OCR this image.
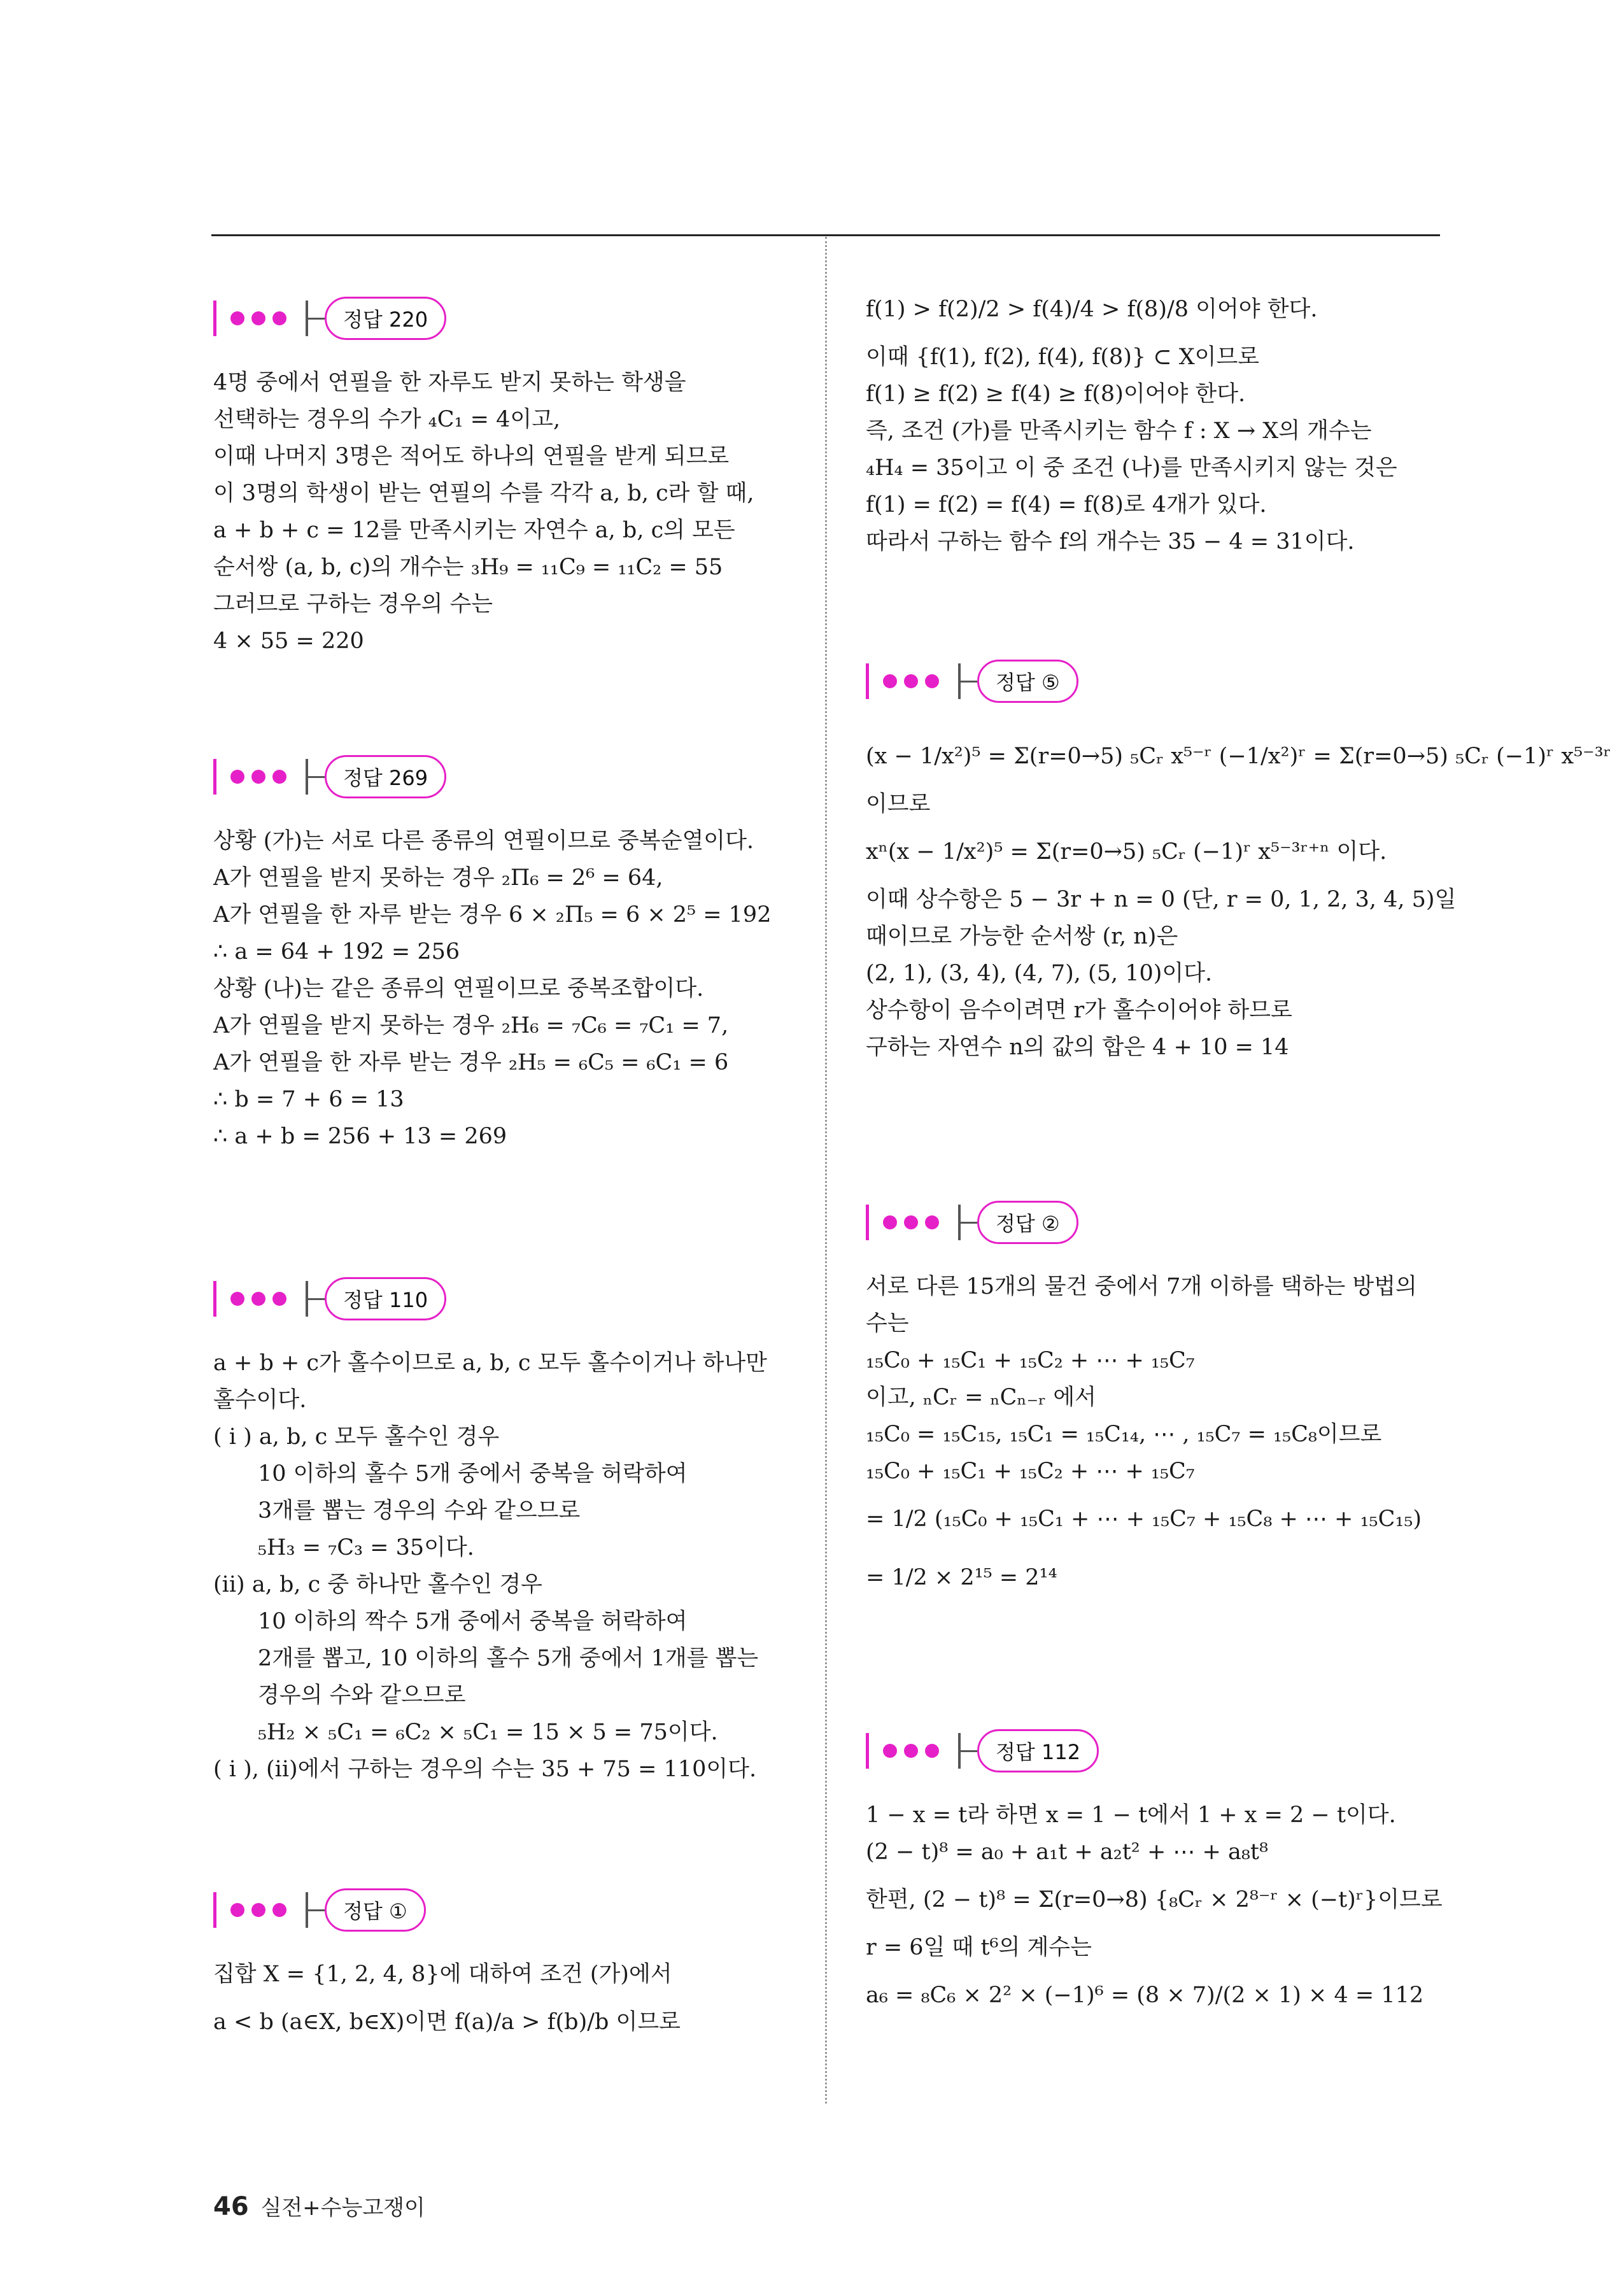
정답 220
4명 중에서 연필을 한 자루도 받지 못하는 학생을
선택하는 경우의 수가 ₄C₁ = 4이고,
이때 나머지 3명은 적어도 하나의 연필을 받게 되므로
이 3명의 학생이 받는 연필의 수를 각각 a, b, c라 할 때,
a + b + c = 12를 만족시키는 자연수 a, b, c의 모든
순서쌍 (a, b, c)의 개수는 ₃H₉ = ₁₁C₉ = ₁₁C₂ = 55
그러므로 구하는 경우의 수는
4 × 55 = 220
정답 269
상황 (가)는 서로 다른 종류의 연필이므로 중복순열이다.
A가 연필을 받지 못하는 경우 ₂Π₆ = 2⁶ = 64,
A가 연필을 한 자루 받는 경우 6 × ₂Π₅ = 6 × 2⁵ = 192
∴ a = 64 + 192 = 256
상황 (나)는 같은 종류의 연필이므로 중복조합이다.
A가 연필을 받지 못하는 경우 ₂H₆ = ₇C₆ = ₇C₁ = 7,
A가 연필을 한 자루 받는 경우 ₂H₅ = ₆C₅ = ₆C₁ = 6
∴ b = 7 + 6 = 13
∴ a + b = 256 + 13 = 269
정답 110
a + b + c가 홀수이므로 a, b, c 모두 홀수이거나 하나만
홀수이다.
( i ) a, b, c 모두 홀수인 경우
10 이하의 홀수 5개 중에서 중복을 허락하여
3개를 뽑는 경우의 수와 같으므로
₅H₃ = ₇C₃ = 35이다.
(ii) a, b, c 중 하나만 홀수인 경우
10 이하의 짝수 5개 중에서 중복을 허락하여
2개를 뽑고, 10 이하의 홀수 5개 중에서 1개를 뽑는
경우의 수와 같으므로
₅H₂ × ₅C₁ = ₆C₂ × ₅C₁ = 15 × 5 = 75이다.
( i ), (ii)에서 구하는 경우의 수는 35 + 75 = 110이다.
정답 ①
집합 X = {1, 2, 4, 8}에 대하여 조건 (가)에서
a < b (a∈X, b∈X)이면 f(a)/a > f(b)/b 이므로
f(1) > f(2)/2 > f(4)/4 > f(8)/8 이어야 한다.
이때 {f(1), f(2), f(4), f(8)} ⊂ X이므로
f(1) ≥ f(2) ≥ f(4) ≥ f(8)이어야 한다.
즉, 조건 (가)를 만족시키는 함수 f : X → X의 개수는
₄H₄ = 35이고 이 중 조건 (나)를 만족시키지 않는 것은
f(1) = f(2) = f(4) = f(8)로 4개가 있다.
따라서 구하는 함수 f의 개수는 35 − 4 = 31이다.
정답 ⑤
(x − 1/x²)⁵ = Σ(r=0→5) ₅Cᵣ x⁵⁻ʳ (−1/x²)ʳ = Σ(r=0→5) ₅Cᵣ (−1)ʳ x⁵⁻³ʳ
이므로
xⁿ(x − 1/x²)⁵ = Σ(r=0→5) ₅Cᵣ (−1)ʳ x⁵⁻³ʳ⁺ⁿ 이다.
이때 상수항은 5 − 3r + n = 0 (단, r = 0, 1, 2, 3, 4, 5)일
때이므로 가능한 순서쌍 (r, n)은
(2, 1), (3, 4), (4, 7), (5, 10)이다.
상수항이 음수이려면 r가 홀수이어야 하므로
구하는 자연수 n의 값의 합은 4 + 10 = 14
정답 ②
서로 다른 15개의 물건 중에서 7개 이하를 택하는 방법의
수는
₁₅C₀ + ₁₅C₁ + ₁₅C₂ + ⋯ + ₁₅C₇
이고, ₙCᵣ = ₙCₙ₋ᵣ 에서
₁₅C₀ = ₁₅C₁₅, ₁₅C₁ = ₁₅C₁₄, ⋯ , ₁₅C₇ = ₁₅C₈이므로
₁₅C₀ + ₁₅C₁ + ₁₅C₂ + ⋯ + ₁₅C₇
= 1/2 (₁₅C₀ + ₁₅C₁ + ⋯ + ₁₅C₇ + ₁₅C₈ + ⋯ + ₁₅C₁₅)
= 1/2 × 2¹⁵ = 2¹⁴
정답 112
1 − x = t라 하면 x = 1 − t에서 1 + x = 2 − t이다.
(2 − t)⁸ = a₀ + a₁t + a₂t² + ⋯ + a₈t⁸
한편, (2 − t)⁸ = Σ(r=0→8) {₈Cᵣ × 2⁸⁻ʳ × (−t)ʳ}이므로
r = 6일 때 t⁶의 계수는
a₆ = ₈C₆ × 2² × (−1)⁶ = (8 × 7)/(2 × 1) × 4 = 112
46 실전+수능고쟁이
